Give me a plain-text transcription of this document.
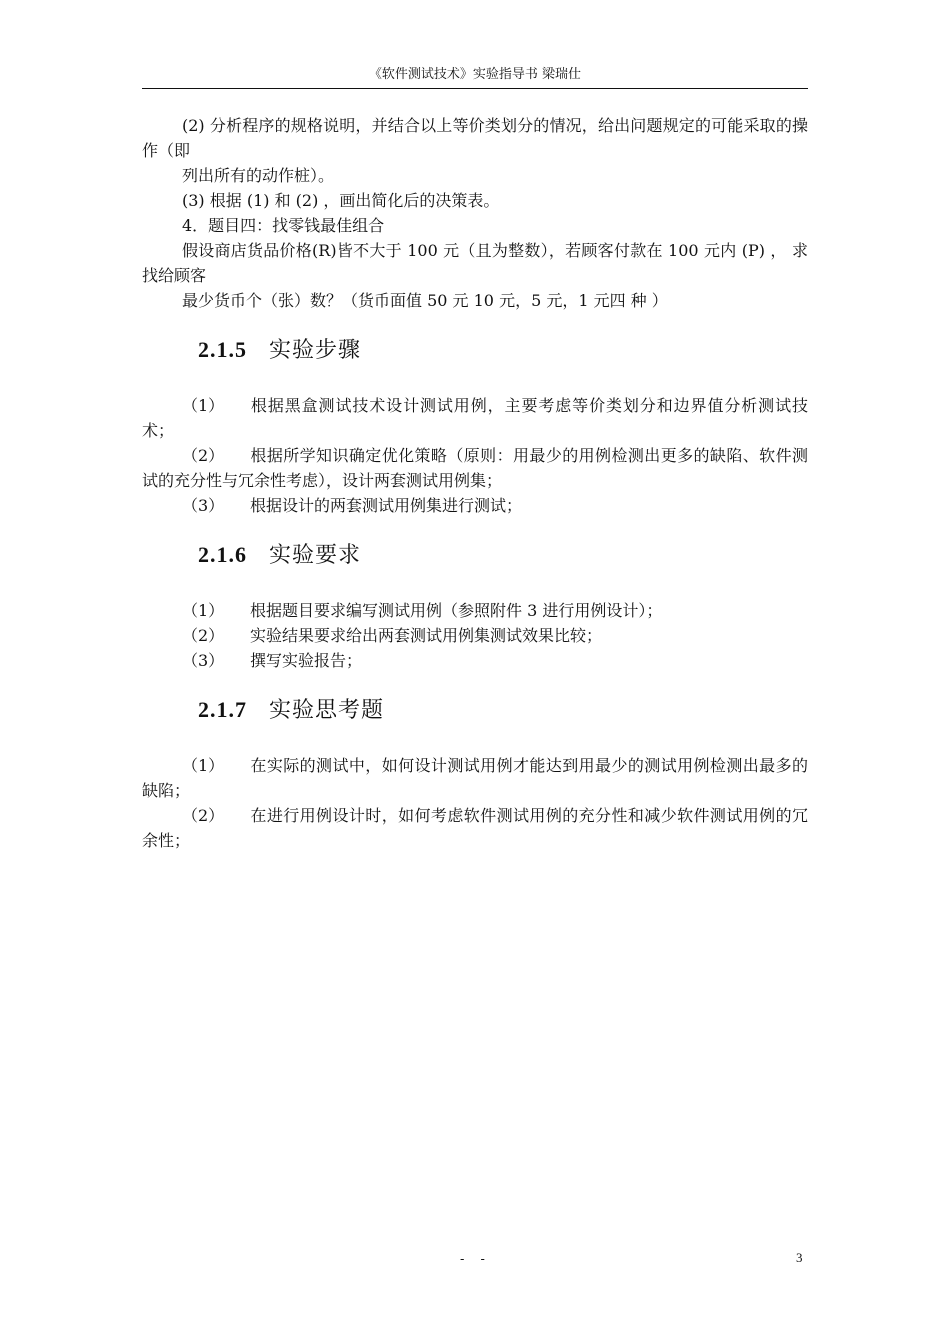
《软件测试技术》实验指导书 梁瑞仕

(2) 分析程序的规格说明，并结合以上等价类划分的情况，给出问题规定的可能采取的操作（即

列出所有的动作桩）。

(3) 根据 (1) 和 (2) ，画出简化后的决策表。

4．题目四：找零钱最佳组合

假设商店货品价格(R)皆不大于 100 元（且为整数），若顾客付款在 100 元内 (P) ， 求找给顾客

最少货币个（张）数？（货币面值 50 元 10 元，5 元，1 元四 种 ）

2.1.5 实验步骤

（1） 根据黑盒测试技术设计测试用例，主要考虑等价类划分和边界值分析测试技术；

（2） 根据所学知识确定优化策略（原则：用最少的用例检测出更多的缺陷、软件测试的充分性与冗余性考虑），设计两套测试用例集；

（3） 根据设计的两套测试用例集进行测试；

2.1.6 实验要求

（1） 根据题目要求编写测试用例（参照附件 3 进行用例设计）；

（2） 实验结果要求给出两套测试用例集测试效果比较；

（3） 撰写实验报告；

2.1.7 实验思考题

（1） 在实际的测试中，如何设计测试用例才能达到用最少的测试用例检测出最多的缺陷；

（2） 在进行用例设计时，如何考虑软件测试用例的充分性和减少软件测试用例的冗余性；

- -	3
